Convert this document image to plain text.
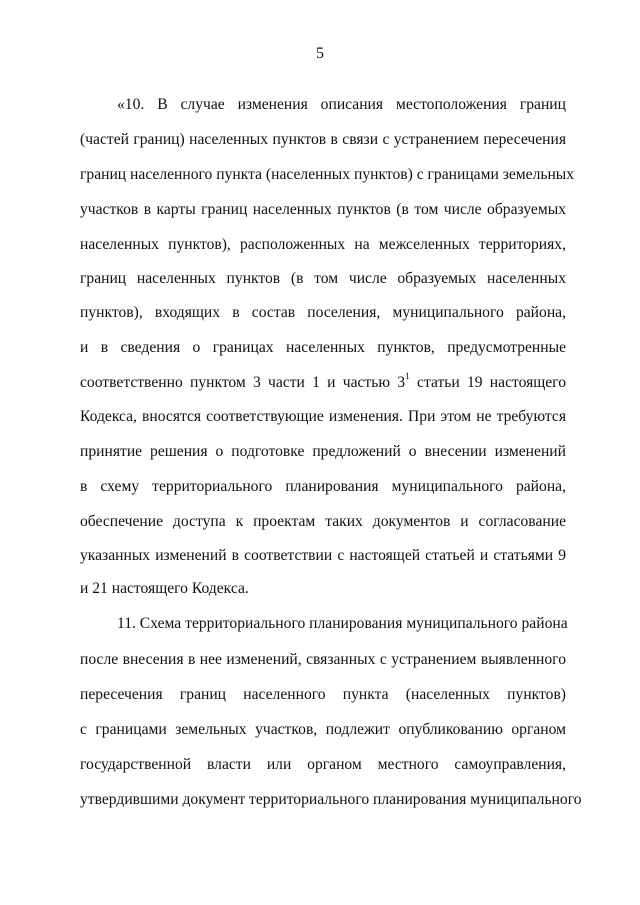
5
«10. В случае изменения описания местоположения границ
(частей границ) населенных пунктов в связи с устранением пересечения
границ населенного пункта (населенных пунктов) с границами земельных
участков в карты границ населенных пунктов (в том числе образуемых
населенных пунктов), расположенных на межселенных территориях,
границ населенных пунктов (в том числе образуемых населенных
пунктов), входящих в состав поселения, муниципального района,
и в сведения о границах населенных пунктов, предусмотренные
соответственно пунктом 3 части 1 и частью $3^1$ статьи 19 настоящего
Кодекса, вносятся соответствующие изменения. При этом не требуются
принятие решения о подготовке предложений о внесении изменений
в схему территориального планирования муниципального района,
обеспечение доступа к проектам таких документов и согласование
указанных изменений в соответствии с настоящей статьей и статьями 9
и 21 настоящего Кодекса.
11. Схема территориального планирования муниципального района
после внесения в нее изменений, связанных с устранением выявленного
пересечения границ населенного пункта (населенных пунктов)
с границами земельных участков, подлежит опубликованию органом
государственной власти или органом местного самоуправления,
утвердившими документ территориального планирования муниципального
